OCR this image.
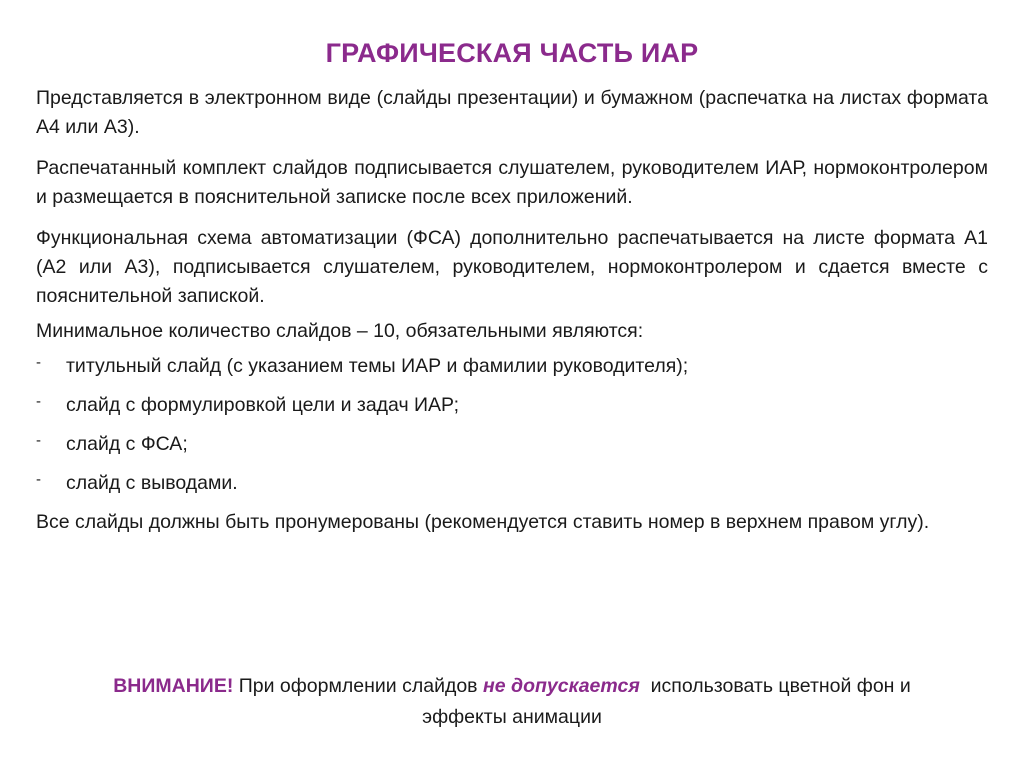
ГРАФИЧЕСКАЯ ЧАСТЬ ИАР

Представляется в электронном виде (слайды презентации) и бумажном (распечатка на листах формата А4 или А3).

Распечатанный комплект слайдов подписывается слушателем, руководителем ИАР, нормоконтролером и размещается в пояснительной записке после всех приложений.

Функциональная схема автоматизации (ФСА) дополнительно распечатывается на листе формата А1 (А2 или А3), подписывается слушателем, руководителем, нормоконтролером и сдается вместе с пояснительной запиской.

Минимальное количество слайдов – 10, обязательными являются:

- титульный слайд (с указанием темы ИАР и фамилии руководителя);
- слайд с формулировкой цели и задач ИАР;
- слайд с ФСА;
- слайд с выводами.

Все слайды должны быть пронумерованы (рекомендуется ставить номер в верхнем правом углу).

ВНИМАНИЕ! При оформлении слайдов не допускается  использовать цветной фон и
эффекты анимации
